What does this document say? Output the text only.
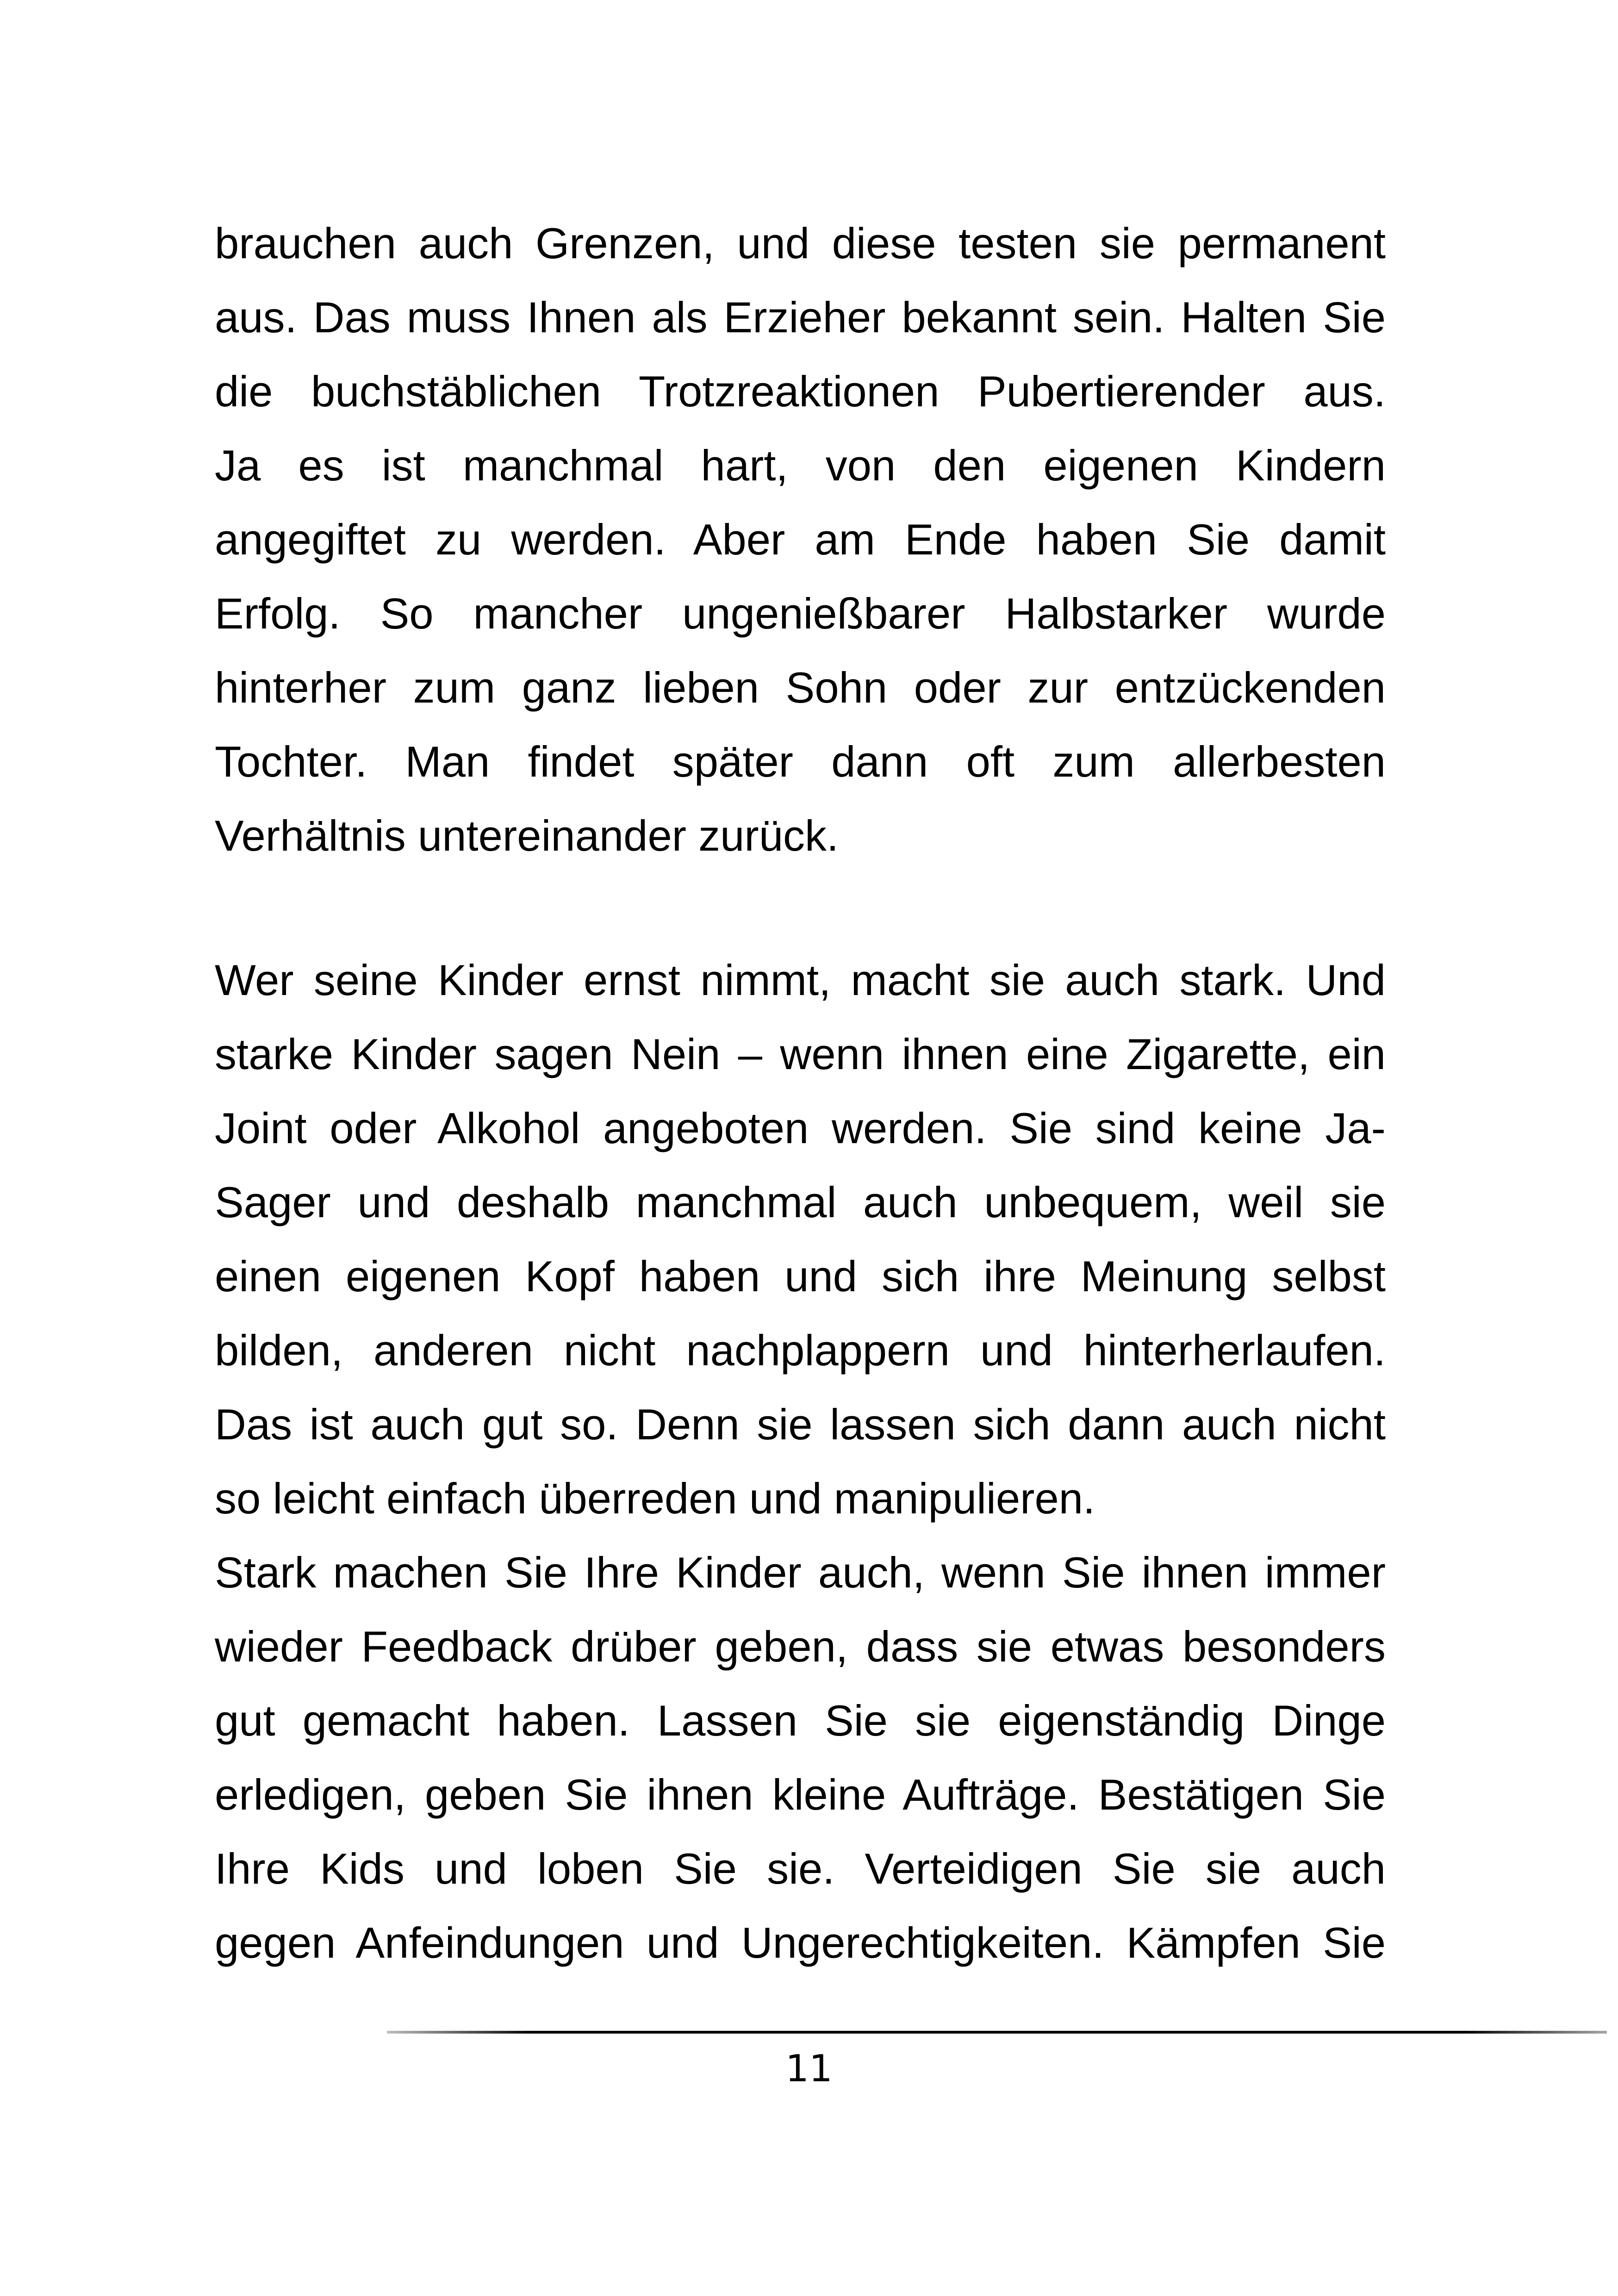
brauchen auch Grenzen, und diese testen sie permanent
aus. Das muss Ihnen als Erzieher bekannt sein. Halten Sie
die buchstäblichen Trotzreaktionen Pubertierender aus.
Ja es ist manchmal hart, von den eigenen Kindern
angegiftet zu werden. Aber am Ende haben Sie damit
Erfolg. So mancher ungenießbarer Halbstarker wurde
hinterher zum ganz lieben Sohn oder zur entzückenden
Tochter. Man findet später dann oft zum allerbesten
Verhältnis untereinander zurück.
Wer seine Kinder ernst nimmt, macht sie auch stark. Und
starke Kinder sagen Nein – wenn ihnen eine Zigarette, ein
Joint oder Alkohol angeboten werden. Sie sind keine Ja-
Sager und deshalb manchmal auch unbequem, weil sie
einen eigenen Kopf haben und sich ihre Meinung selbst
bilden, anderen nicht nachplappern und hinterherlaufen.
Das ist auch gut so. Denn sie lassen sich dann auch nicht
so leicht einfach überreden und manipulieren.
Stark machen Sie Ihre Kinder auch, wenn Sie ihnen immer
wieder Feedback drüber geben, dass sie etwas besonders
gut gemacht haben. Lassen Sie sie eigenständig Dinge
erledigen, geben Sie ihnen kleine Aufträge. Bestätigen Sie
Ihre Kids und loben Sie sie. Verteidigen Sie sie auch
gegen Anfeindungen und Ungerechtigkeiten. Kämpfen Sie
11
